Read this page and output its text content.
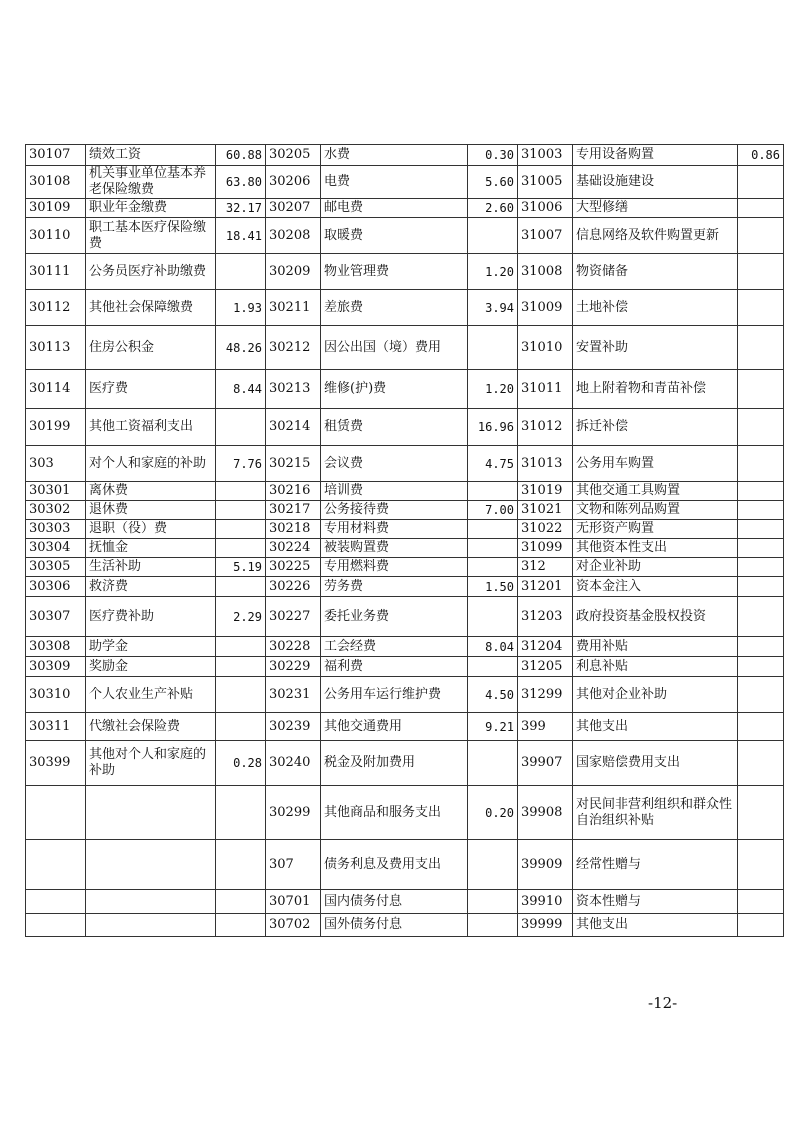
30107	绩效工资	60.88	30205	水费	0.30	31003	专用设备购置	0.86
30108	机关事业单位基本养老保险缴费	63.80	30206	电费	5.60	31005	基础设施建设	
30109	职业年金缴费	32.17	30207	邮电费	2.60	31006	大型修缮	
30110	职工基本医疗保险缴费	18.41	30208	取暖费		31007	信息网络及软件购置更新	
30111	公务员医疗补助缴费		30209	物业管理费	1.20	31008	物资储备	
30112	其他社会保障缴费	1.93	30211	差旅费	3.94	31009	土地补偿	
30113	住房公积金	48.26	30212	因公出国（境）费用		31010	安置补助	
30114	医疗费	8.44	30213	维修(护)费	1.20	31011	地上附着物和青苗补偿	
30199	其他工资福利支出		30214	租赁费	16.96	31012	拆迁补偿	
303	对个人和家庭的补助	7.76	30215	会议费	4.75	31013	公务用车购置	
30301	离休费		30216	培训费		31019	其他交通工具购置	
30302	退休费		30217	公务接待费	7.00	31021	文物和陈列品购置	
30303	退职（役）费		30218	专用材料费		31022	无形资产购置	
30304	抚恤金		30224	被装购置费		31099	其他资本性支出	
30305	生活补助	5.19	30225	专用燃料费		312	对企业补助	
30306	救济费		30226	劳务费	1.50	31201	资本金注入	
30307	医疗费补助	2.29	30227	委托业务费		31203	政府投资基金股权投资	
30308	助学金		30228	工会经费	8.04	31204	费用补贴	
30309	奖励金		30229	福利费		31205	利息补贴	
30310	个人农业生产补贴		30231	公务用车运行维护费	4.50	31299	其他对企业补助	
30311	代缴社会保险费		30239	其他交通费用	9.21	399	其他支出	
30399	其他对个人和家庭的补助	0.28	30240	税金及附加费用		39907	国家赔偿费用支出	
			30299	其他商品和服务支出	0.20	39908	对民间非营利组织和群众性自治组织补贴	
			307	债务利息及费用支出		39909	经常性赠与	
			30701	国内债务付息		39910	资本性赠与	
			30702	国外债务付息		39999	其他支出	
-12-
